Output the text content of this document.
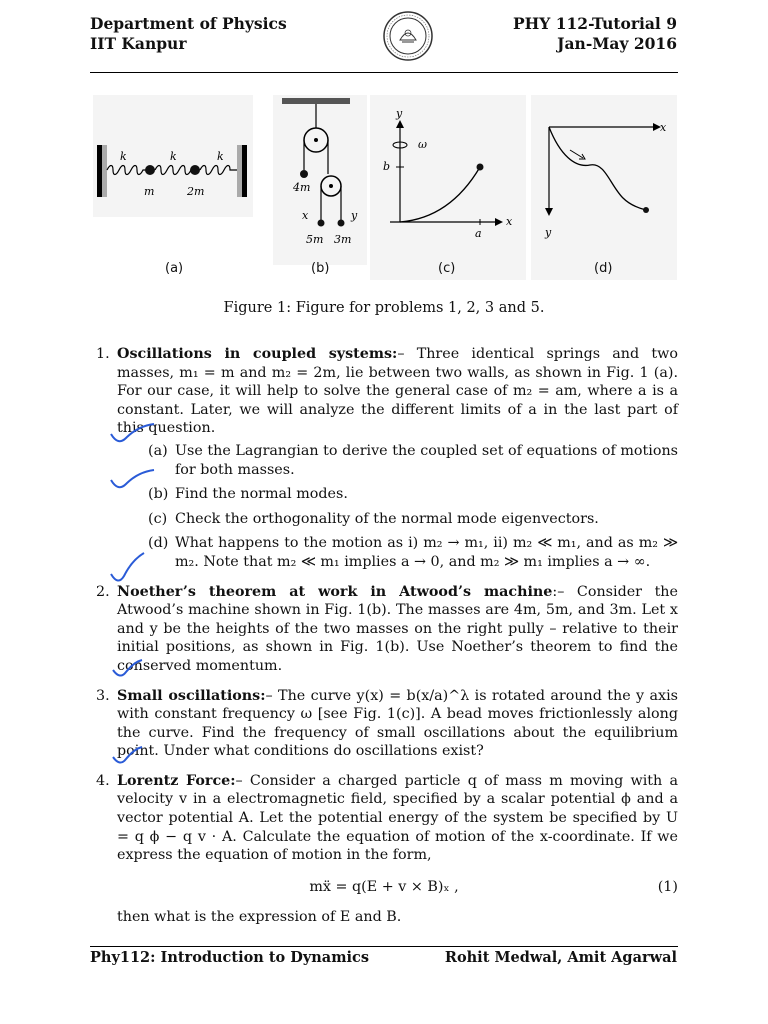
Department of Physics
IIT Kanpur
PHY 112-Tutorial 9
Jan-May 2016
k	k	k
m	2m	4m
x	y
5m 3m
y
b
ω
a
x
x
y
(a)	(b)	(c)	(d)
Figure 1: Figure for problems 1, 2, 3 and 5.
1. Oscillations in coupled systems:– Three identical springs and two masses, m₁ = m and m₂ = 2m, lie between two walls, as shown in Fig. 1 (a). For our case, it will help to solve the general case of m₂ = am, where a is a constant. Later, we will analyze the different limits of a in the last part of this question.
(a) Use the Lagrangian to derive the coupled set of equations of motions for both masses.
(b) Find the normal modes.
(c) Check the orthogonality of the normal mode eigenvectors.
(d) What happens to the motion as i) m₂ → m₁, ii) m₂ ≪ m₁, and as m₂ ≫ m₂. Note that m₂ ≪ m₁ implies a → 0, and m₂ ≫ m₁ implies a → ∞.
2. Noether’s theorem at work in Atwood’s machine:– Consider the Atwood’s machine shown in Fig. 1(b). The masses are 4m, 5m, and 3m. Let x and y be the heights of the two masses on the right pully – relative to their initial positions, as shown in Fig. 1(b). Use Noether’s theorem to find the conserved momentum.
3. Small oscillations:– The curve y(x) = b(x/a)^λ is rotated around the y axis with constant frequency ω [see Fig. 1(c)]. A bead moves frictionlessly along the curve. Find the frequency of small oscillations about the equilibrium point. Under what conditions do oscillations exist?
4. Lorentz Force:– Consider a charged particle q of mass m moving with a velocity v in a electromagnetic field, specified by a scalar potential ϕ and a vector potential A. Let the potential energy of the system be specified by U = q ϕ − q v · A. Calculate the equation of motion of the x-coordinate. If we express the equation of motion in the form,
mẍ = q(E + v × B)ₓ ,	(1)
then what is the expression of E and B.
Phy112: Introduction to Dynamics	Rohit Medwal, Amit Agarwal
